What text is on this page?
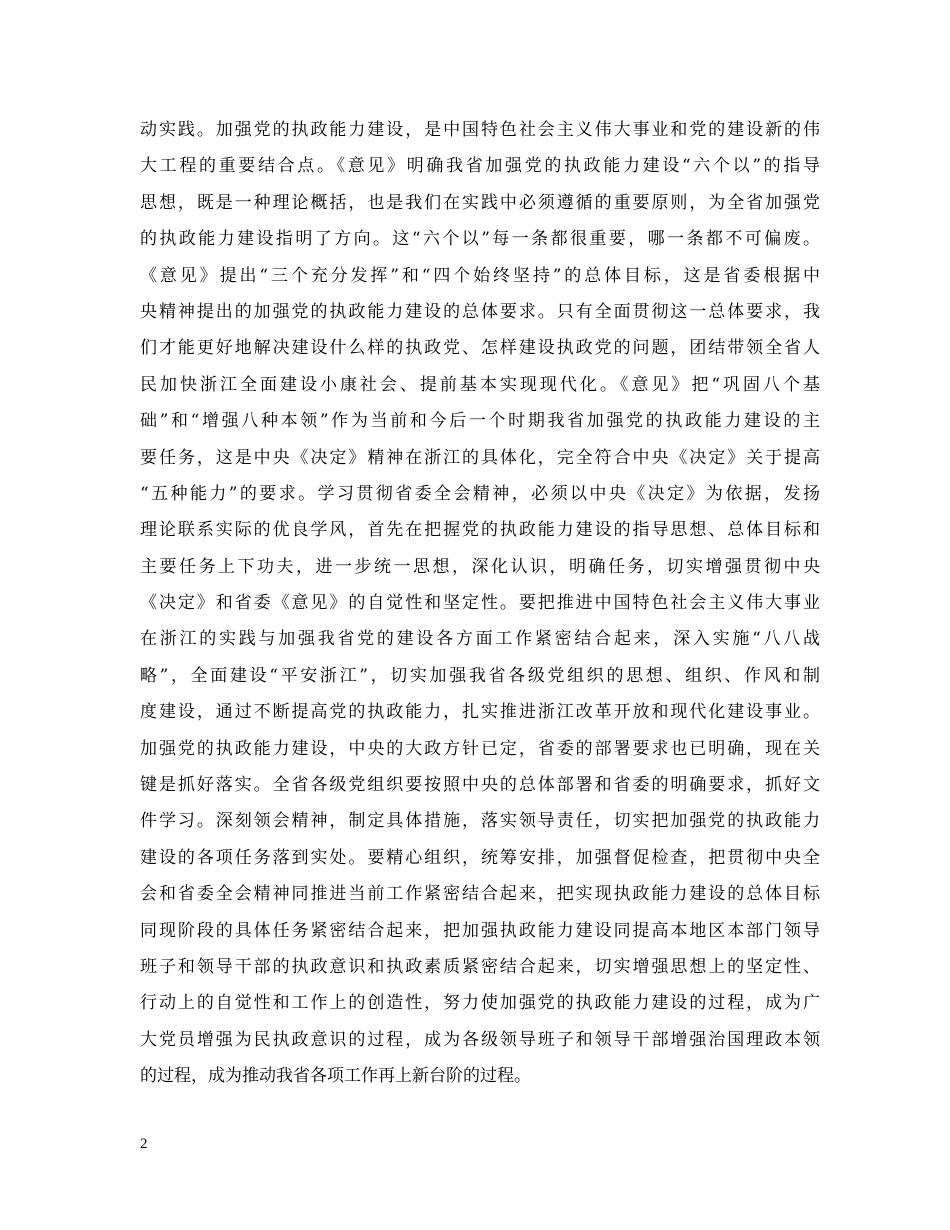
动实践。加强党的执政能力建设，是中国特色社会主义伟大事业和党的建设新的伟
大工程的重要结合点。《意见》明确我省加强党的执政能力建设“六个以”的指导
思想，既是一种理论概括，也是我们在实践中必须遵循的重要原则，为全省加强党
的执政能力建设指明了方向。这“六个以”每一条都很重要，哪一条都不可偏废。
《意见》提出“三个充分发挥”和“四个始终坚持”的总体目标，这是省委根据中
央精神提出的加强党的执政能力建设的总体要求。只有全面贯彻这一总体要求，我
们才能更好地解决建设什么样的执政党、怎样建设执政党的问题，团结带领全省人
民加快浙江全面建设小康社会、提前基本实现现代化。《意见》把“巩固八个基
础”和“增强八种本领”作为当前和今后一个时期我省加强党的执政能力建设的主
要任务，这是中央《决定》精神在浙江的具体化，完全符合中央《决定》关于提高
“五种能力”的要求。学习贯彻省委全会精神，必须以中央《决定》为依据，发扬
理论联系实际的优良学风，首先在把握党的执政能力建设的指导思想、总体目标和
主要任务上下功夫，进一步统一思想，深化认识，明确任务，切实增强贯彻中央
《决定》和省委《意见》的自觉性和坚定性。要把推进中国特色社会主义伟大事业
在浙江的实践与加强我省党的建设各方面工作紧密结合起来，深入实施“八八战
略”，全面建设“平安浙江”，切实加强我省各级党组织的思想、组织、作风和制
度建设，通过不断提高党的执政能力，扎实推进浙江改革开放和现代化建设事业。
加强党的执政能力建设，中央的大政方针已定，省委的部署要求也已明确，现在关
键是抓好落实。全省各级党组织要按照中央的总体部署和省委的明确要求，抓好文
件学习。深刻领会精神，制定具体措施，落实领导责任，切实把加强党的执政能力
建设的各项任务落到实处。要精心组织，统筹安排，加强督促检查，把贯彻中央全
会和省委全会精神同推进当前工作紧密结合起来，把实现执政能力建设的总体目标
同现阶段的具体任务紧密结合起来，把加强执政能力建设同提高本地区本部门领导
班子和领导干部的执政意识和执政素质紧密结合起来，切实增强思想上的坚定性、
行动上的自觉性和工作上的创造性，努力使加强党的执政能力建设的过程，成为广
大党员增强为民执政意识的过程，成为各级领导班子和领导干部增强治国理政本领
的过程，成为推动我省各项工作再上新台阶的过程。
2
